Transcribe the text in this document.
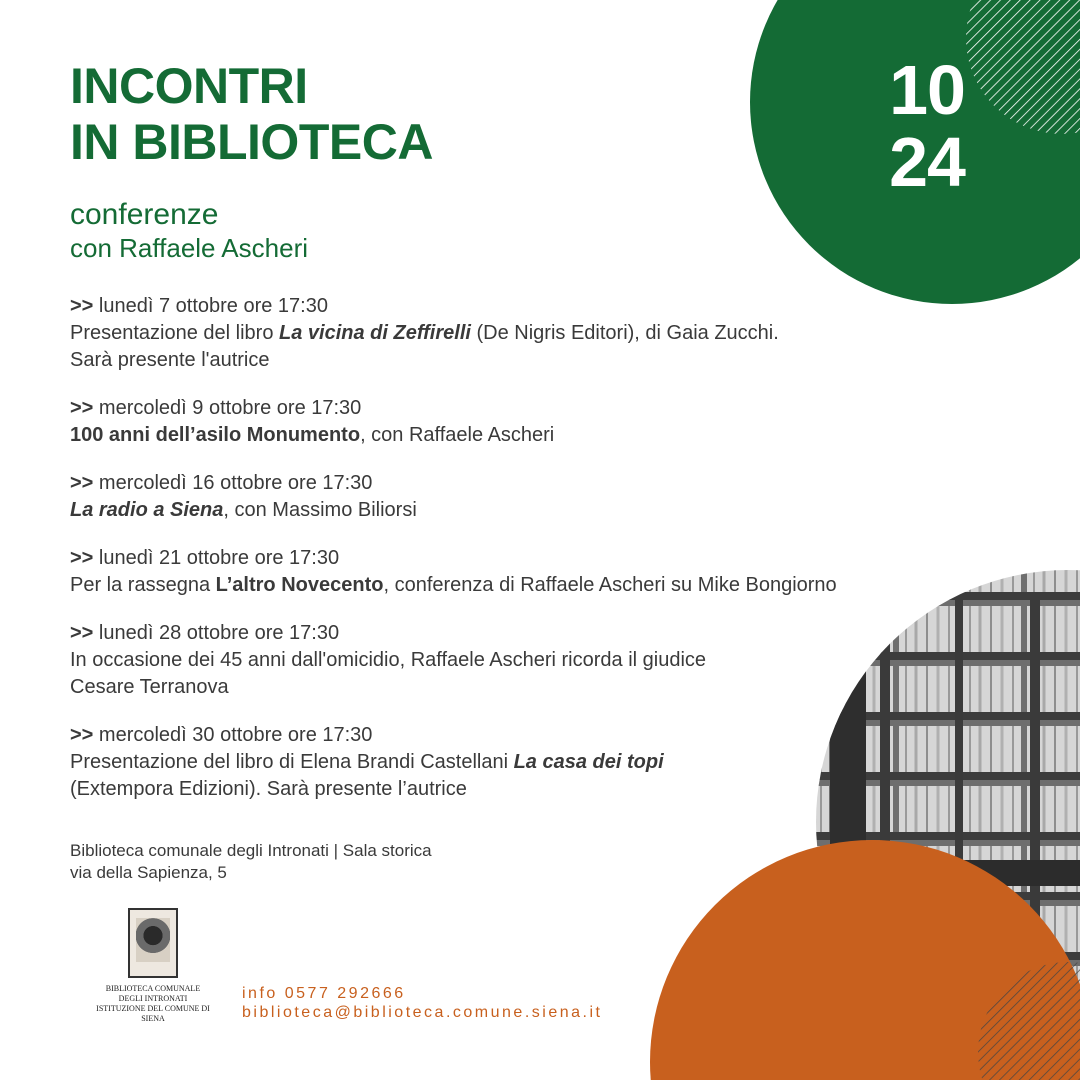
INCONTRI
IN BIBLIOTECA
conferenze
con Raffaele Ascheri
10
24
>> lunedì 7 ottobre ore 17:30
Presentazione del libro La vicina di Zeffirelli (De Nigris Editori), di Gaia Zucchi.
Sarà presente l'autrice
>> mercoledì 9 ottobre ore 17:30
100 anni dell’asilo Monumento, con Raffaele Ascheri
>> mercoledì 16 ottobre ore 17:30
La radio a Siena, con Massimo Biliorsi
>> lunedì 21 ottobre ore 17:30
Per la rassegna L’altro Novecento, conferenza di Raffaele Ascheri su Mike Bongiorno
>> lunedì 28 ottobre ore 17:30
In occasione dei 45 anni dall'omicidio, Raffaele Ascheri ricorda il giudice
Cesare Terranova
>> mercoledì 30 ottobre ore 17:30
Presentazione del libro di Elena Brandi Castellani La casa dei topi
(Extempora Edizioni). Sarà presente l’autrice
Biblioteca comunale degli Intronati | Sala storica
via della Sapienza, 5
BIBLIOTECA COMUNALE
DEGLI INTRONATI
ISTITUZIONE DEL COMUNE DI SIENA
info 0577 292666
biblioteca@biblioteca.comune.siena.it
